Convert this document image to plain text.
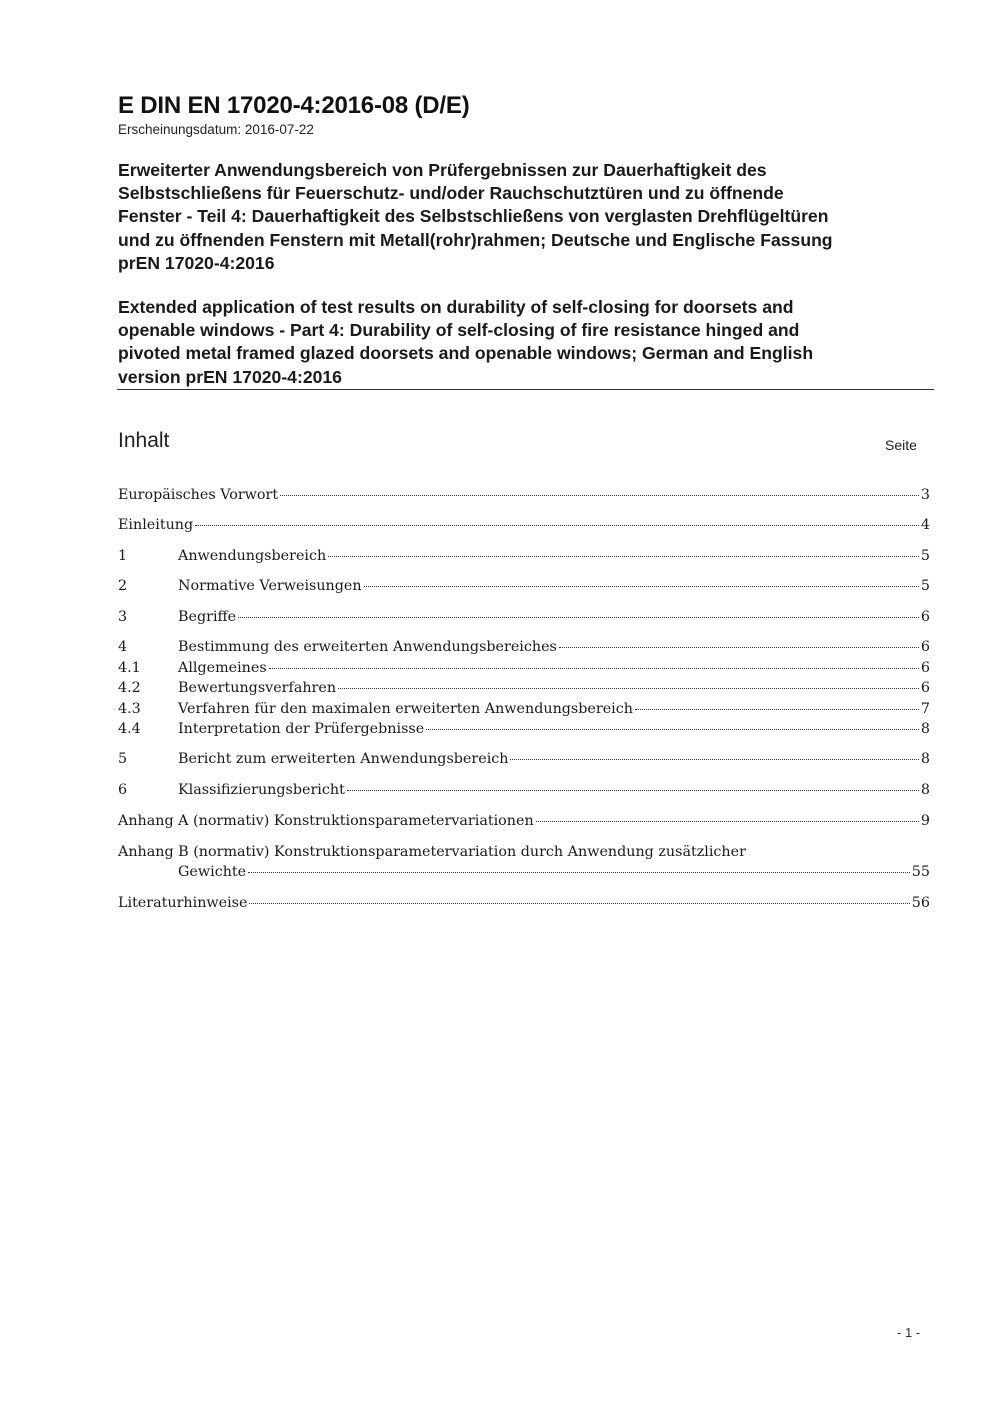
E DIN EN 17020-4:2016-08 (D/E)
Erscheinungsdatum: 2016-07-22
Erweiterter Anwendungsbereich von Prüfergebnissen zur Dauerhaftigkeit des
Selbstschließens für Feuerschutz- und/oder Rauchschutztüren und zu öffnende
Fenster - Teil 4: Dauerhaftigkeit des Selbstschließens von verglasten Drehflügeltüren
und zu öffnenden Fenstern mit Metall(rohr)rahmen; Deutsche und Englische Fassung
prEN 17020-4:2016
Extended application of test results on durability of self-closing for doorsets and
openable windows - Part 4: Durability of self-closing of fire resistance hinged and
pivoted metal framed glazed doorsets and openable windows; German and English
version prEN 17020-4:2016
Inhalt	Seite
Europäisches Vorwort	3
Einleitung	4
1	Anwendungsbereich	5
2	Normative Verweisungen	5
3	Begriffe	6
4	Bestimmung des erweiterten Anwendungsbereiches	6
4.1	Allgemeines	6
4.2	Bewertungsverfahren	6
4.3	Verfahren für den maximalen erweiterten Anwendungsbereich	7
4.4	Interpretation der Prüfergebnisse	8
5	Bericht zum erweiterten Anwendungsbereich	8
6	Klassifizierungsbericht	8
Anhang A (normativ) Konstruktionsparametervariationen	9
Anhang B (normativ) Konstruktionsparametervariation durch Anwendung zusätzlicher
Gewichte	55
Literaturhinweise	56
- 1 -
